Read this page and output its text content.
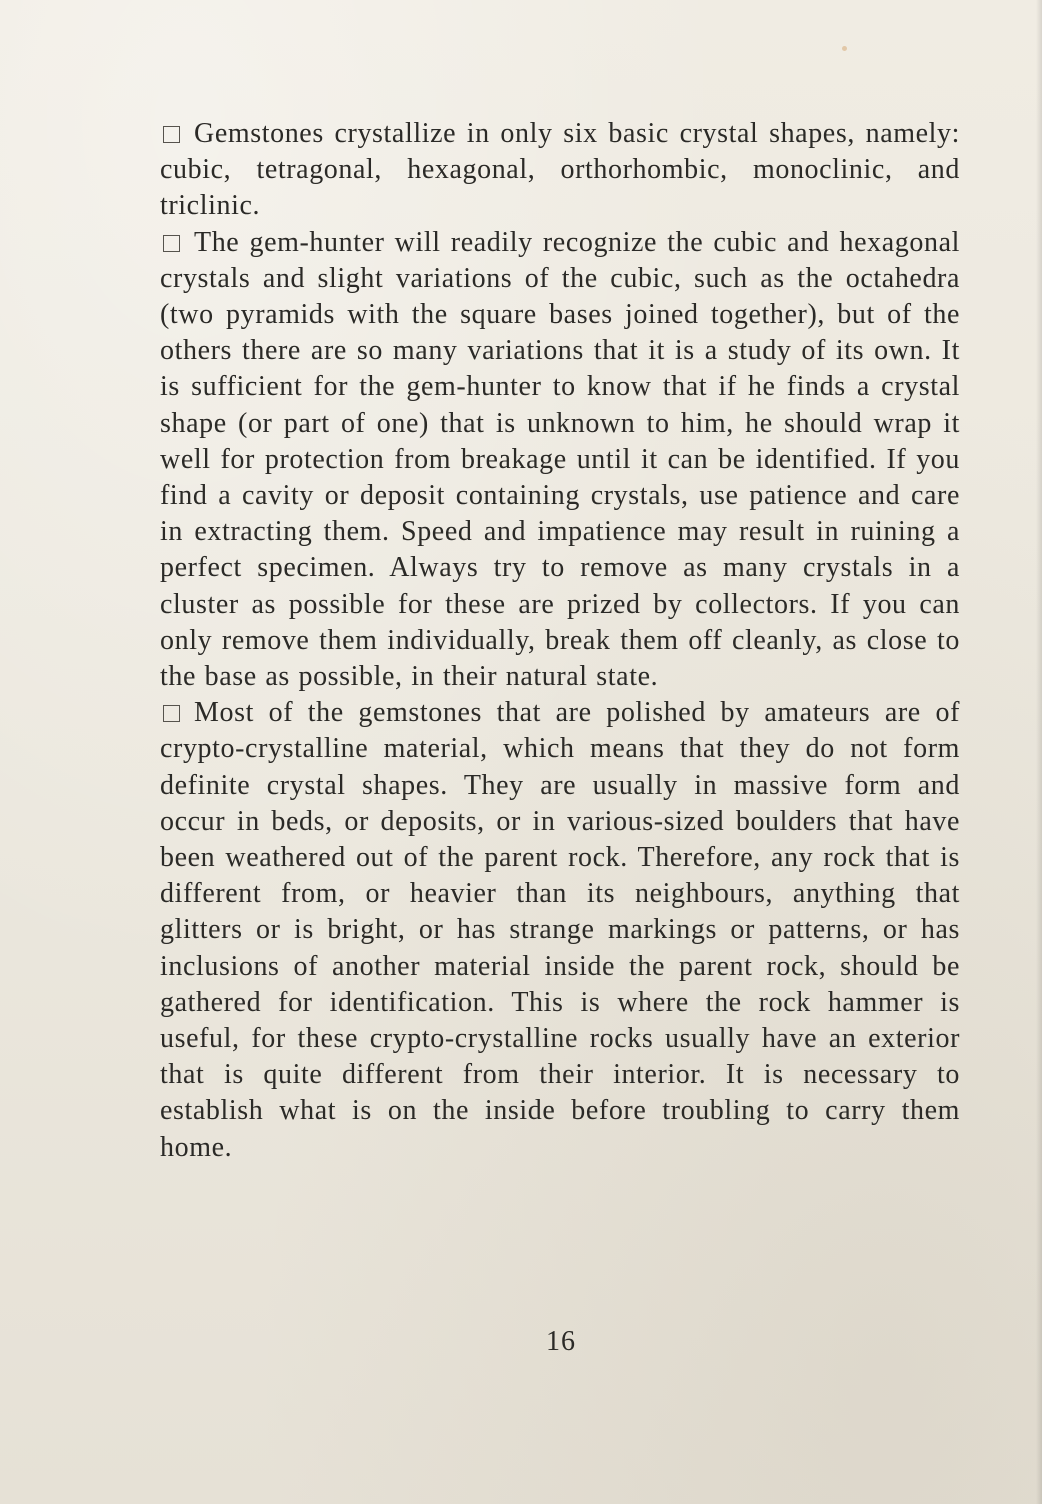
Gemstones crystallize in only six basic crystal shapes, namely: cubic, tetragonal, hexagonal, orthorhombic, monoclinic, and triclinic.

The gem-hunter will readily recognize the cubic and hexagonal crystals and slight variations of the cubic, such as the octahedra (two pyramids with the square bases joined together), but of the others there are so many variations that it is a study of its own. It is sufficient for the gem-hunter to know that if he finds a crystal shape (or part of one) that is unknown to him, he should wrap it well for protection from breakage until it can be identified. If you find a cavity or deposit containing crystals, use patience and care in extracting them. Speed and impatience may result in ruining a perfect specimen. Always try to remove as many crystals in a cluster as possible for these are prized by collectors. If you can only remove them individually, break them off cleanly, as close to the base as possible, in their natural state.

Most of the gemstones that are polished by amateurs are of crypto-crystalline material, which means that they do not form definite crystal shapes. They are usually in massive form and occur in beds, or deposits, or in various-sized boulders that have been weathered out of the parent rock. Therefore, any rock that is different from, or heavier than its neighbours, anything that glitters or is bright, or has strange markings or patterns, or has inclusions of another material inside the parent rock, should be gathered for identification. This is where the rock hammer is useful, for these crypto-crystalline rocks usually have an exterior that is quite different from their interior. It is necessary to establish what is on the inside before troubling to carry them home.

16
